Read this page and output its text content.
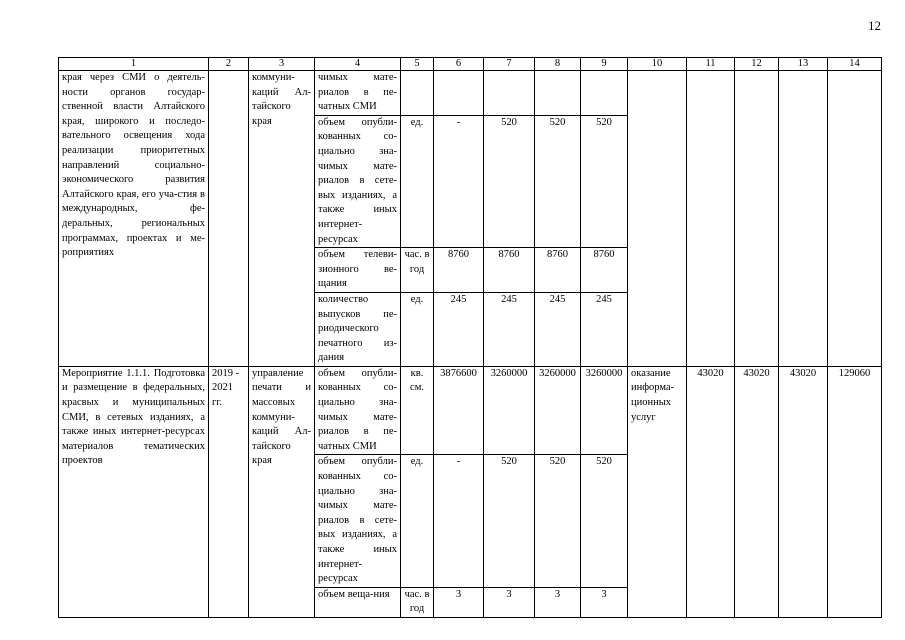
12
1	2	3	4	5	6	7	8	9	10	11	12	13	14
края через СМИ о деятель-ности органов государ-ственной власти Алтайского края, широкого и последо-вательного освещения хода реализации приоритетных направлений социально-экономического развития Алтайского края, его уча-стия в международных, фе-деральных, региональных программах, проектах и ме-роприятиях		коммуни-каций Ал-тайского края	чимых мате-риалов в пе-чатных СМИ										
			объем опубли-кованных со-циально зна-чимых мате-риалов в сете-вых изданиях, а также иных интернет-ресурсах	ед.	-	520	520	520					
			объем телеви-зионного ве-щания	час. в год	8760	8760	8760	8760					
			количество выпусков пе-риодического печатного из-дания	ед.	245	245	245	245					
Мероприятие 1.1.1. Подготовка и размещение в федеральных, красвых и муниципальных СМИ, в сетевых изданиях, а также иных интернет-ресурсах материалов тематических проектов	2019 - 2021 гг.	управление печати и массовых коммуни-каций Ал-тайского края	объем опубли-кованных со-циально зна-чимых мате-риалов в пе-чатных СМИ	кв. см.	3876600	3260000	3260000	3260000	оказание информа-ционных услуг	43020	43020	43020	129060
			объем опубли-кованных со-циально зна-чимых мате-риалов в сете-вых изданиях, а также иных интернет-ресурсах	ед.	-	520	520	520					
			объем веща-ния	час. в год	3	3	3	3					
